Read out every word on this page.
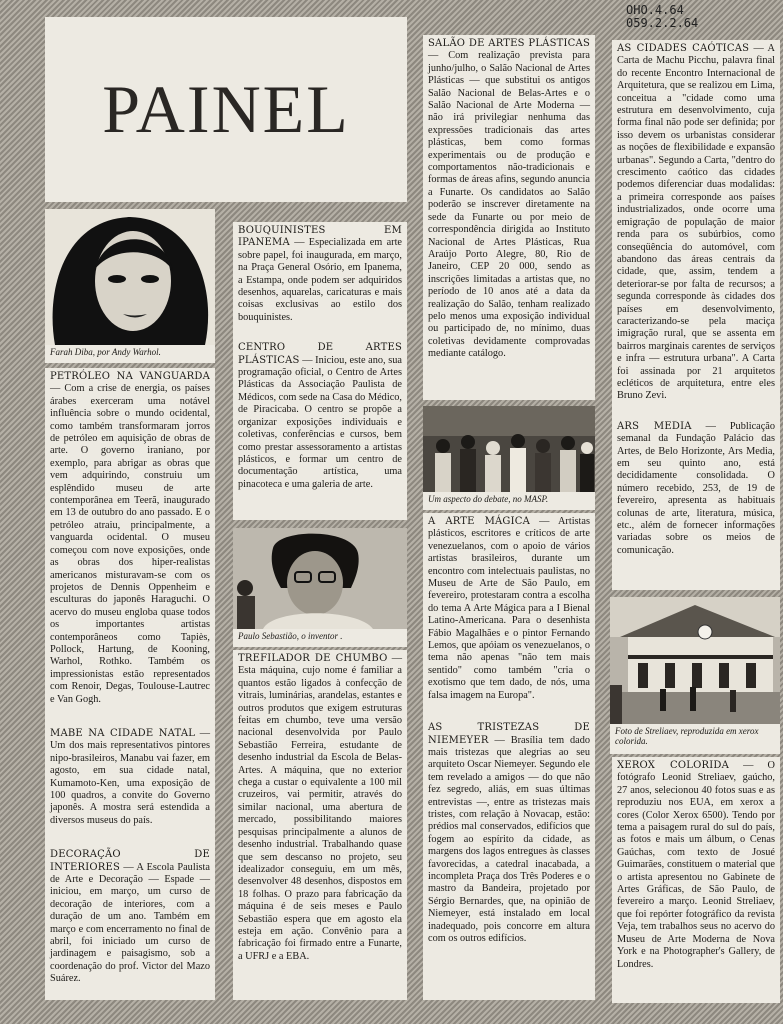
OHO.4.64
059.2.2.64
PAINEL
Farah Diba, por Andy Warhol.

PETRÓLEO NA VANGUARDA — Com a crise de energia, os países árabes exerceram uma notável influência sobre o mundo ocidental, como também transformaram jorros de petróleo em aquisição de obras de arte. O governo iraniano, por exemplo, para abrigar as obras que vem adquirindo, construiu um esplêndido museu de arte contemporânea em Teerã, inaugurado em 13 de outubro do ano passado. E o petróleo atraiu, principalmente, a vanguarda ocidental. O museu começou com nove exposições, onde as obras dos hiper-realistas americanos misturavam-se com os projetos de Dennis Oppenheim e esculturas do japonês Haraguchi. O acervo do museu engloba quase todos os importantes artistas contemporâneos como Tapiès, Pollock, Hartung, de Kooning, Warhol, Rothko. Também os impressionistas estão representados com Renoir, Degas, Toulouse-Lautrec e Van Gogh.

MABE NA CIDADE NATAL — Um dos mais representativos pintores nipo-brasileiros, Manabu vai fazer, em agosto, em sua cidade natal, Kumamoto-Ken, uma exposição de 100 quadros, a convite do Governo japonês. A mostra será estendida a diversos museus do país.

DECORAÇÃO DE INTERIORES — A Escola Paulista de Arte e Decoração — Espade — iniciou, em março, um curso de decoração de interiores, com a duração de um ano. Também em março e com encerramento no final de abril, foi iniciado um curso de jardinagem e paisagismo, sob a coordenação do prof. Victor del Mazo Suárez.

BOUQUINISTES EM IPANEMA — Especializada em arte sobre papel, foi inaugurada, em março, na Praça General Osório, em Ipanema, a Estampa, onde podem ser adquiridos desenhos, aquarelas, caricaturas e mais coisas exclusivas ao estilo dos bouquinistes.

CENTRO DE ARTES PLÁSTICAS — Iniciou, este ano, sua programação oficial, o Centro de Artes Plásticas da Associação Paulista de Médicos, com sede na Casa do Médico, de Piracicaba. O centro se propõe a organizar exposições individuais e coletivas, conferências e cursos, bem como prestar assessoramento a artistas plásticos, e formar um centro de documentação artística, uma pinacoteca e uma galeria de arte.

Paulo Sebastião, o inventor .

TREFILADOR DE CHUMBO — Esta máquina, cujo nome é familiar a quantos estão ligados à confecção de vitrais, luminárias, arandelas, estantes e outros produtos que exigem estruturas feitas em chumbo, teve uma versão nacional desenvolvida por Paulo Sebastião Ferreira, estudante de desenho industrial da Escola de Belas-Artes. A máquina, que no exterior chega a custar o equivalente a 100 mil cruzeiros, vai permitir, através do similar nacional, uma abertura de mercado, possibilitando maiores pesquisas principalmente a alunos de desenho industrial. Trabalhando quase que sem descanso no projeto, seu idealizador conseguiu, em um mês, desenvolver 48 desenhos, dispostos em 18 folhas. O prazo para fabricação da máquina é de seis meses e Paulo Sebastião espera que em agosto ela esteja em ação. Convênio para a fabricação foi firmado entre a Funarte, a UFRJ e a EBA.

SALÃO DE ARTES PLÁSTICAS — Com realização prevista para junho/julho, o Salão Nacional de Artes Plásticas — que substitui os antigos Salão Nacional de Belas-Artes e o Salão Nacional de Arte Moderna — não irá privilegiar nenhuma das expressões tradicionais das artes plásticas, bem como formas experimentais ou de produção e comportamentos não-tradicionais e formas de áreas afins, segundo anuncia a Funarte. Os candidatos ao Salão poderão se inscrever diretamente na sede da Funarte ou por meio de correspondência dirigida ao Instituto Nacional de Artes Plásticas, Rua Araújo Porto Alegre, 80, Rio de Janeiro, CEP 20 000, sendo as inscrições limitadas a artistas que, no período de 10 anos até a data da realização do Salão, tenham realizado pelo menos uma exposição individual ou participado de, no mínimo, duas coletivas devidamente comprovadas mediante catálogo.

Um aspecto do debate, no MASP.

A ARTE MÁGICA — Artistas plásticos, escritores e críticos de arte venezuelanos, com o apoio de vários artistas brasileiros, durante um encontro com intelectuais paulistas, no Museu de Arte de São Paulo, em fevereiro, protestaram contra a escolha do tema A Arte Mágica para a I Bienal Latino-Americana. Para o desenhista Fábio Magalhães e o pintor Fernando Lemos, que apóiam os venezuelanos, o tema não apenas "não tem mais sentido" como também "cria o exotismo que tem dado, de nós, uma falsa imagem na Europa".

AS TRISTEZAS DE NIEMEYER — Brasília tem dado mais tristezas que alegrias ao seu arquiteto Oscar Niemeyer. Segundo ele tem revelado a amigos — do que não fez segredo, aliás, em suas últimas entrevistas —, entre as tristezas mais tristes, com relação à Novacap, estão: prédios mal conservados, edifícios que fogem ao espírito da cidade, as margens dos lagos entregues às classes favorecidas, a catedral inacabada, a incompleta Praça dos Três Poderes e o mastro da Bandeira, projetado por Sérgio Bernardes, que, na opinião de Niemeyer, está instalado em local inadequado, pois concorre em altura com os outros edifícios.

AS CIDADES CAÓTICAS — A Carta de Machu Picchu, palavra final do recente Encontro Internacional de Arquitetura, que se realizou em Lima, conceitua a "cidade como uma estrutura em desenvolvimento, cuja forma final não pode ser definida; por isso devem os urbanistas considerar as noções de flexibilidade e expansão urbanas". Segundo a Carta, "dentro do crescimento caótico das cidades podemos diferenciar duas modalidas: a primeira corresponde aos países industrializados, onde ocorre uma emigração de população de maior renda para os subúrbios, como conseqüência do automóvel, com abandono das áreas centrais da cidade, que, assim, tendem a deteriorar-se por falta de recursos; a segunda corresponde às cidades dos países em desenvolvimento, caracterizando-se pela maciça imigração rural, que se assenta em bairros marginais carentes de serviços e infra — estrutura urbana". A Carta foi assinada por 21 arquitetos ecléticos de arquitetura, entre eles Bruno Zevi.

ARS MEDIA — Publicação semanal da Fundação Palácio das Artes, de Belo Horizonte, Ars Media, em seu quinto ano, está decididamente consolidada. O número recebido, 253, de 19 de fevereiro, apresenta as habituais colunas de arte, literatura, música, etc., além de fornecer informações variadas sobre os meios de comunicação.

Foto de Streliaev, reproduzida em xerox colorida.

XEROX COLORIDA — O fotógrafo Leonid Streliaev, gaúcho, 27 anos, selecionou 40 fotos suas e as reproduziu nos EUA, em xerox a cores (Color Xerox 6500). Tendo por tema a paisagem rural do sul do país, as fotos e mais um álbum, o Cenas Gaúchas, com texto de Josué Guimarães, constituem o material que o artista apresentou no Gabinete de Artes Gráficas, de São Paulo, de fevereiro a março. Leonid Streliaev, que foi repórter fotográfico da revista Veja, tem trabalhos seus no acervo do Museu de Arte Moderna de Nova York e na Photographer's Gallery, de Londres.
